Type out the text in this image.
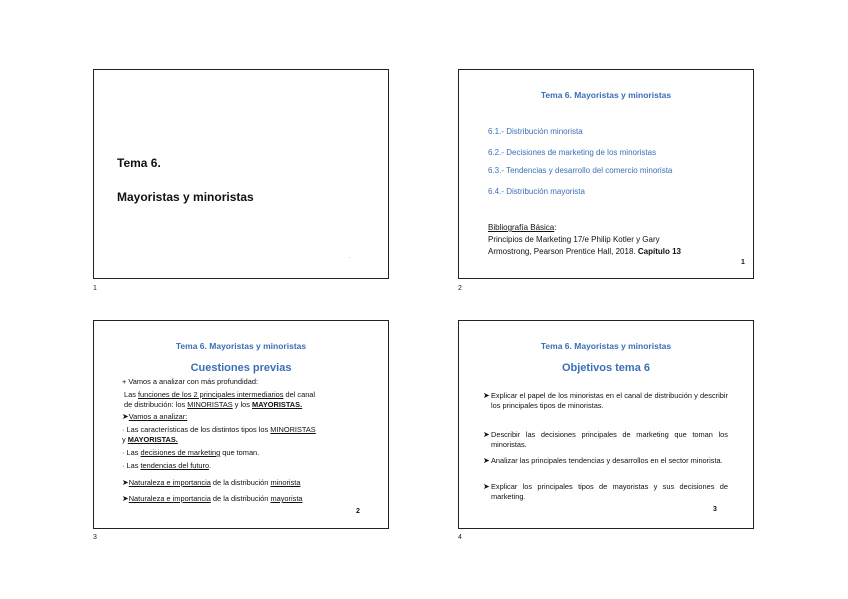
Tema 6.
Mayoristas y minoristas
.
1
Tema 6. Mayoristas y minoristas
6.1.- Distribución minorista
6.2.- Decisiones de marketing de los minoristas
6.3.- Tendencias y desarrollo del comercio minorista
6.4.- Distribución mayorista
Bibliografía Básica:
Principios de Marketing 17/e Philip Kotler y Gary
Armostrong, Pearson Prentice Hall, 2018. Capítulo 13
1
2
Tema 6. Mayoristas y minoristas
Cuestiones previas
+ Vamos a analizar con más profundidad:
Las funciones de los 2 principales intermediarios del canal
de distribución: los MINORISTAS y los MAYORISTAS.
➤Vamos a analizar:
· Las características de los distintos tipos los MINORISTAS
y MAYORISTAS.
· Las decisiones de marketing que toman.
· Las tendencias del futuro.
➤Naturaleza e importancia de la distribución minorista
➤Naturaleza e importancia de la distribución mayorista
2
3
Tema 6. Mayoristas y minoristas
Objetivos tema 6
➤ Explicar el papel de los minoristas en el canal de distribución y describir los principales tipos de minoristas.
➤ Describir las decisiones principales de marketing que toman los minoristas.
➤ Analizar las principales tendencias y desarrollos en el sector minorista.
➤ Explicar los principales tipos de mayoristas y sus decisiones de marketing.
3
4
